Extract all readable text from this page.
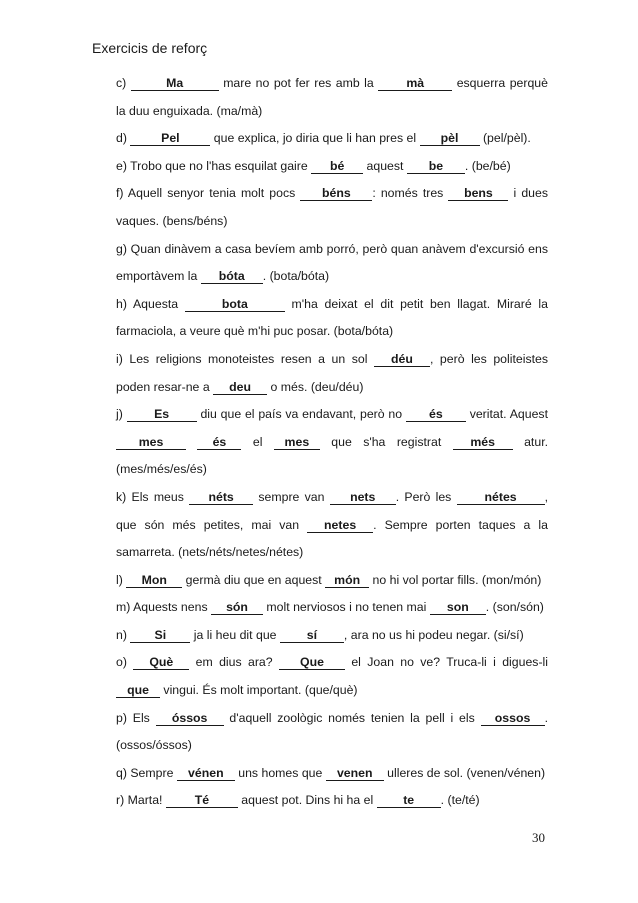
Exercicis de reforç

c)	Ma	mare no pot fer res amb la mà esquerra perquè la duu enguixada. (ma/mà)

d)	Pel	que explica, jo diria que li han pres el pèl (pel/pèl).

e) Trobo que no l'has esquilat gaire bé aquest be . (be/bé)

f) Aquell senyor tenia molt pocs béns : només tres bens i dues vaques. (bens/béns)

g) Quan dinàvem a casa bevíem amb porró, però quan anàvem d'excursió ens emportàvem la bóta . (bota/bóta)

h) Aquesta	bota	m'ha deixat el dit petit ben llagat. Miraré la farmaciola, a veure què m'hi puc posar. (bota/bóta)

i) Les religions monoteistes resen a un sol déu , però les politeistes poden resar-ne a deu o més. (deu/déu)

j) Es diu que el país va endavant, però no és veritat. Aquest mes	és el mes que s'ha registrat més atur. (mes/més/es/és)

k) Els meus néts sempre van nets . Però les nétes , que són més petites, mai van netes . Sempre porten taques a la samarreta. (nets/néts/netes/nétes)

l) Mon germà diu que en aquest món no hi vol portar fills. (mon/món)

m) Aquests nens són molt nerviosos i no tenen mai son . (son/són)

n) Si ja li heu dit que sí , ara no us hi podeu negar. (si/sí)

o) Què em dius ara? Que el Joan no ve? Truca-li i digues-li que vingui. És molt important. (que/què)

p) Els óssos d'aquell zoològic només tenien la pell i els ossos . (ossos/óssos)

q) Sempre vénen uns homes que venen ulleres de sol. (venen/vénen)

r) Marta! Té aquest pot. Dins hi ha el te . (te/té)

30
